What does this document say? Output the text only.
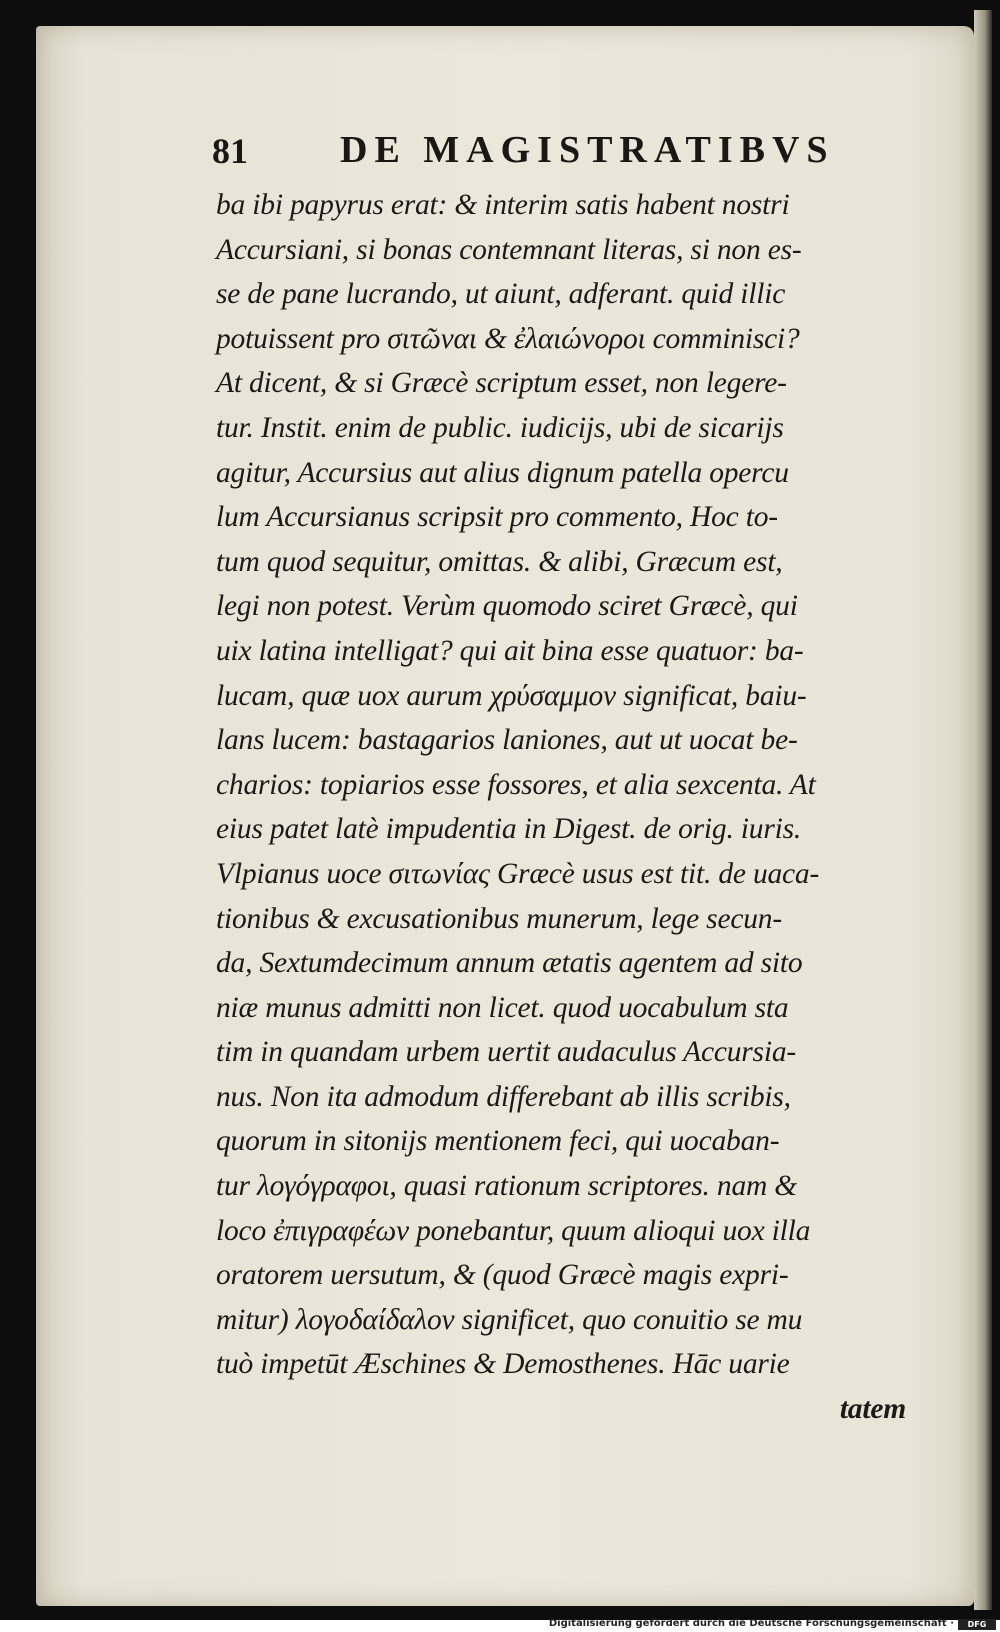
81 DE MAGISTRATIBVS
ba ibi papyrus erat: & interim satis habent nostri
Accursiani, si bonas contemnant literas, si non es-
se de pane lucrando, ut aiunt, adferant. quid illic
potuissent pro σιτῶναι & ἐλαιώνοροι comminisci?
At dicent, & si Græcè scriptum esset, non legere-
tur. Instit. enim de public. iudicijs, ubi de sicarijs
agitur, Accursius aut alius dignum patella opercu
lum Accursianus scripsit pro commento, Hoc to-
tum quod sequitur, omittas. & alibi, Græcum est,
legi non potest. Verùm quomodo sciret Græcè, qui
uix latina intelligat? qui ait bina esse quatuor: ba-
lucam, quæ uox aurum χρύσαμμον significat, baiu-
lans lucem: bastagarios laniones, aut ut uocat be-
charios: topiarios esse fossores, et alia sexcenta. At
eius patet latè impudentia in Digest. de orig. iuris.
Vlpianus uoce σιτωνίας Græcè usus est tit. de uaca-
tionibus & excusationibus munerum, lege secun-
da, Sextumdecimum annum ætatis agentem ad sito
niæ munus admitti non licet. quod uocabulum sta
tim in quandam urbem uertit audaculus Accursia-
nus. Non ita admodum differebant ab illis scribis,
quorum in sitonijs mentionem feci, qui uocaban-
tur λογόγραφοι, quasi rationum scriptores. nam &
loco ἐπιγραφέων ponebantur, quum alioqui uox illa
oratorem uersutum, & (quod Græcè magis expri-
mitur) λογοδαίδαλον significet, quo conuitio se mu
tuò impetūt Æschines & Demosthenes. Hāc uarie
tatem
Digitalisierung gefördert durch die Deutsche Forschungsgemeinschaft ·	DFG
